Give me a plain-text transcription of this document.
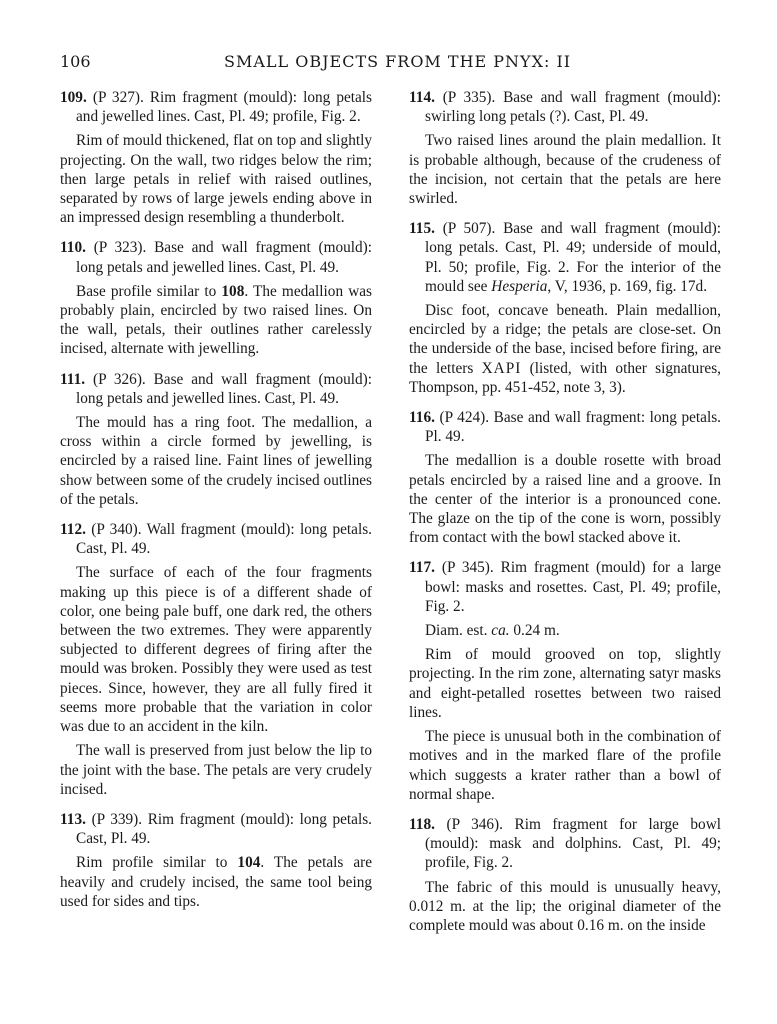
106	SMALL OBJECTS FROM THE PNYX: II
109. (P 327). Rim fragment (mould): long petals and jewelled lines. Cast, Pl. 49; profile, Fig. 2.

Rim of mould thickened, flat on top and slightly projecting. On the wall, two ridges below the rim; then large petals in relief with raised outlines, separated by rows of large jewels ending above in an impressed design resembling a thunderbolt.

110. (P 323). Base and wall fragment (mould): long petals and jewelled lines. Cast, Pl. 49.

Base profile similar to 108. The medallion was probably plain, encircled by two raised lines. On the wall, petals, their outlines rather carelessly incised, alternate with jewelling.

111. (P 326). Base and wall fragment (mould): long petals and jewelled lines. Cast, Pl. 49.

The mould has a ring foot. The medallion, a cross within a circle formed by jewelling, is encircled by a raised line. Faint lines of jewelling show between some of the crudely incised outlines of the petals.

112. (P 340). Wall fragment (mould): long petals. Cast, Pl. 49.

The surface of each of the four fragments making up this piece is of a different shade of color, one being pale buff, one dark red, the others between the two extremes. They were apparently subjected to different degrees of firing after the mould was broken. Possibly they were used as test pieces. Since, however, they are all fully fired it seems more probable that the variation in color was due to an accident in the kiln.

The wall is preserved from just below the lip to the joint with the base. The petals are very crudely incised.

113. (P 339). Rim fragment (mould): long petals. Cast, Pl. 49.

Rim profile similar to 104. The petals are heavily and crudely incised, the same tool being used for sides and tips.

114. (P 335). Base and wall fragment (mould): swirling long petals (?). Cast, Pl. 49.

Two raised lines around the plain medallion. It is probable although, because of the crudeness of the incision, not certain that the petals are here swirled.

115. (P 507). Base and wall fragment (mould): long petals. Cast, Pl. 49; underside of mould, Pl. 50; profile, Fig. 2. For the interior of the mould see Hesperia, V, 1936, p. 169, fig. 17d.

Disc foot, concave beneath. Plain medallion, encircled by a ridge; the petals are close-set. On the underside of the base, incised before firing, are the letters XAPI (listed, with other signatures, Thompson, pp. 451-452, note 3, 3).

116. (P 424). Base and wall fragment: long petals. Pl. 49.

The medallion is a double rosette with broad petals encircled by a raised line and a groove. In the center of the interior is a pronounced cone. The glaze on the tip of the cone is worn, possibly from contact with the bowl stacked above it.

117. (P 345). Rim fragment (mould) for a large bowl: masks and rosettes. Cast, Pl. 49; profile, Fig. 2.

Diam. est. ca. 0.24 m.

Rim of mould grooved on top, slightly projecting. In the rim zone, alternating satyr masks and eight-petalled rosettes between two raised lines.

The piece is unusual both in the combination of motives and in the marked flare of the profile which suggests a krater rather than a bowl of normal shape.

118. (P 346). Rim fragment for large bowl (mould): mask and dolphins. Cast, Pl. 49; profile, Fig. 2.

The fabric of this mould is unusually heavy, 0.012 m. at the lip; the original diameter of the complete mould was about 0.16 m. on the inside
